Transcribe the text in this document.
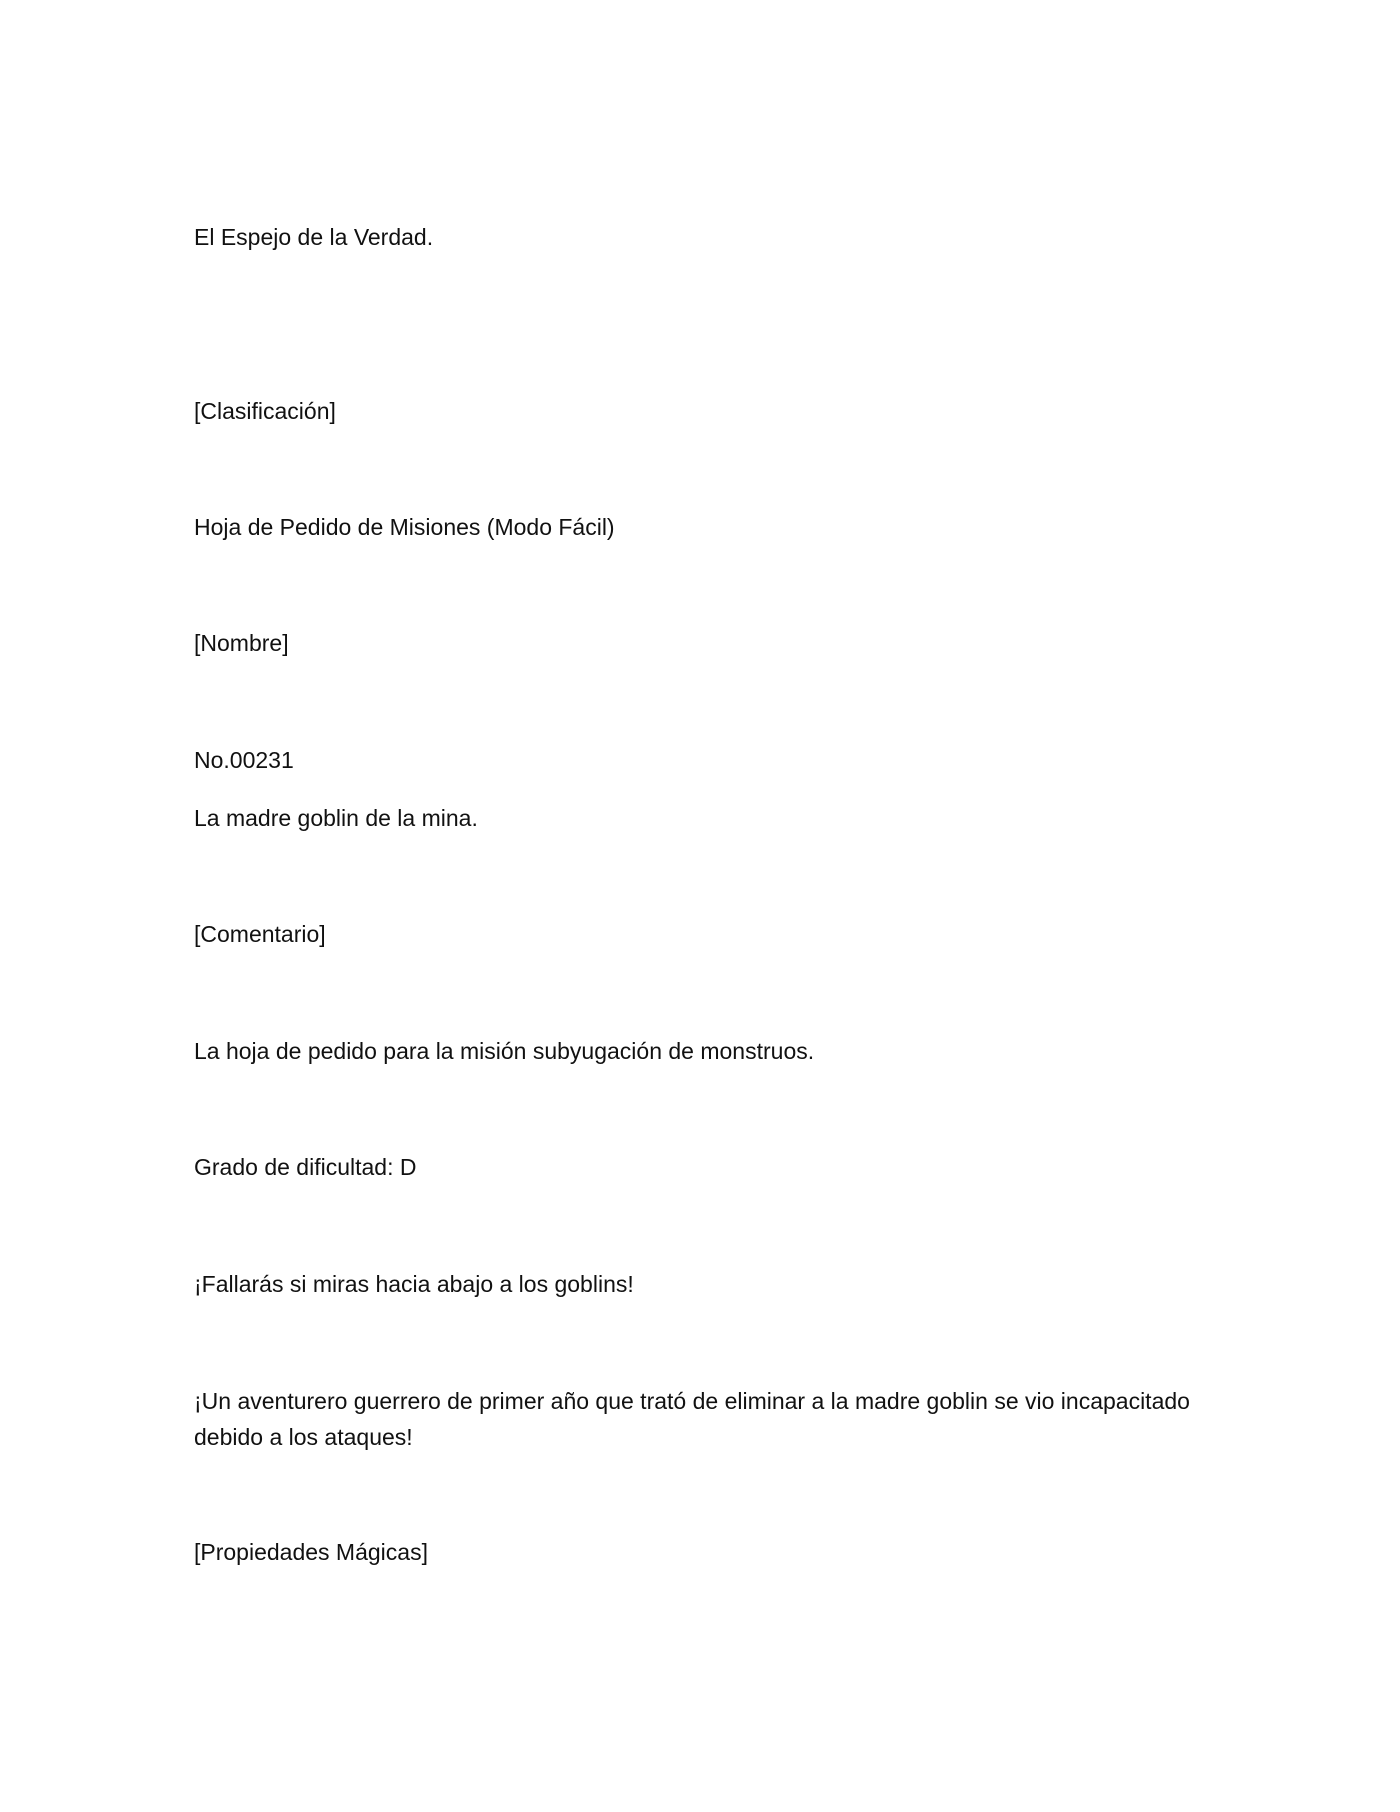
El Espejo de la Verdad.

[Clasificación]

Hoja de Pedido de Misiones (Modo Fácil)

[Nombre]

No.00231

La madre goblin de la mina.

[Comentario]

La hoja de pedido para la misión subyugación de monstruos.

Grado de dificultad: D

¡Fallarás si miras hacia abajo a los goblins!

¡Un aventurero guerrero de primer año que trató de eliminar a la madre goblin se vio incapacitado debido a los ataques!

[Propiedades Mágicas]
